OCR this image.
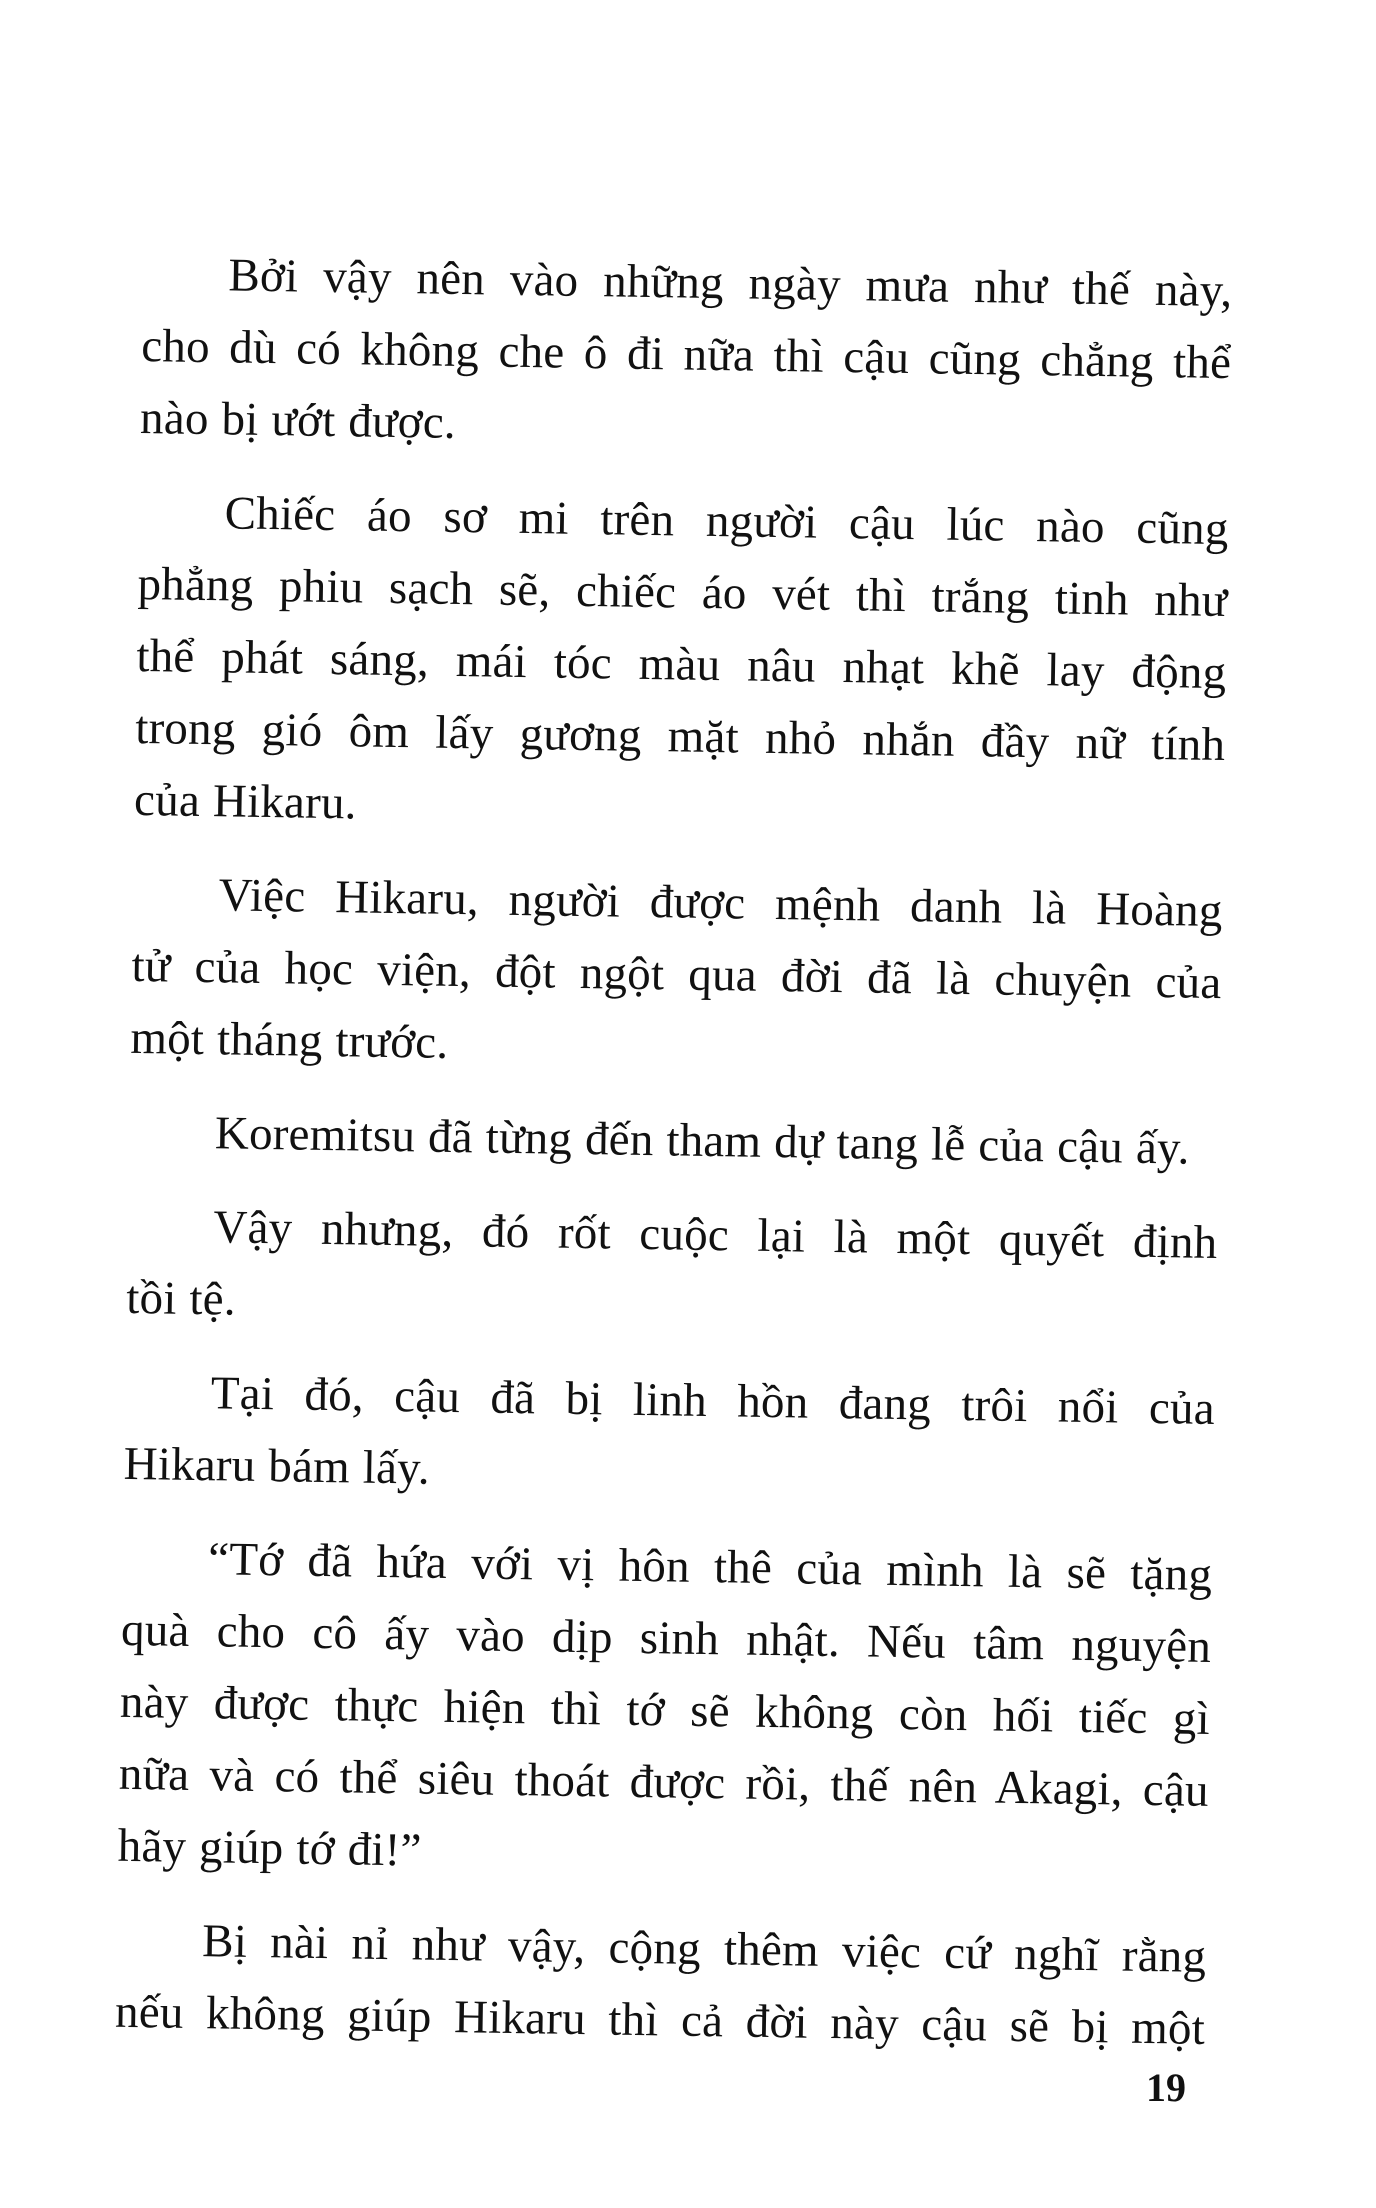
Bởi vậy nên vào những ngày mưa như thế này,
cho dù có không che ô đi nữa thì cậu cũng chẳng thể
nào bị ướt được.

Chiếc áo sơ mi trên người cậu lúc nào cũng
phẳng phiu sạch sẽ, chiếc áo vét thì trắng tinh như
thể phát sáng, mái tóc màu nâu nhạt khẽ lay động
trong gió ôm lấy gương mặt nhỏ nhắn đầy nữ tính
của Hikaru.

Việc Hikaru, người được mệnh danh là Hoàng
tử của học viện, đột ngột qua đời đã là chuyện của
một tháng trước.

Koremitsu đã từng đến tham dự tang lễ của cậu ấy.

Vậy nhưng, đó rốt cuộc lại là một quyết định
tồi tệ.

Tại đó, cậu đã bị linh hồn đang trôi nổi của
Hikaru bám lấy.

“Tớ đã hứa với vị hôn thê của mình là sẽ tặng
quà cho cô ấy vào dịp sinh nhật. Nếu tâm nguyện
này được thực hiện thì tớ sẽ không còn hối tiếc gì
nữa và có thể siêu thoát được rồi, thế nên Akagi, cậu
hãy giúp tớ đi!”

Bị nài nỉ như vậy, cộng thêm việc cứ nghĩ rằng
nếu không giúp Hikaru thì cả đời này cậu sẽ bị một

19
